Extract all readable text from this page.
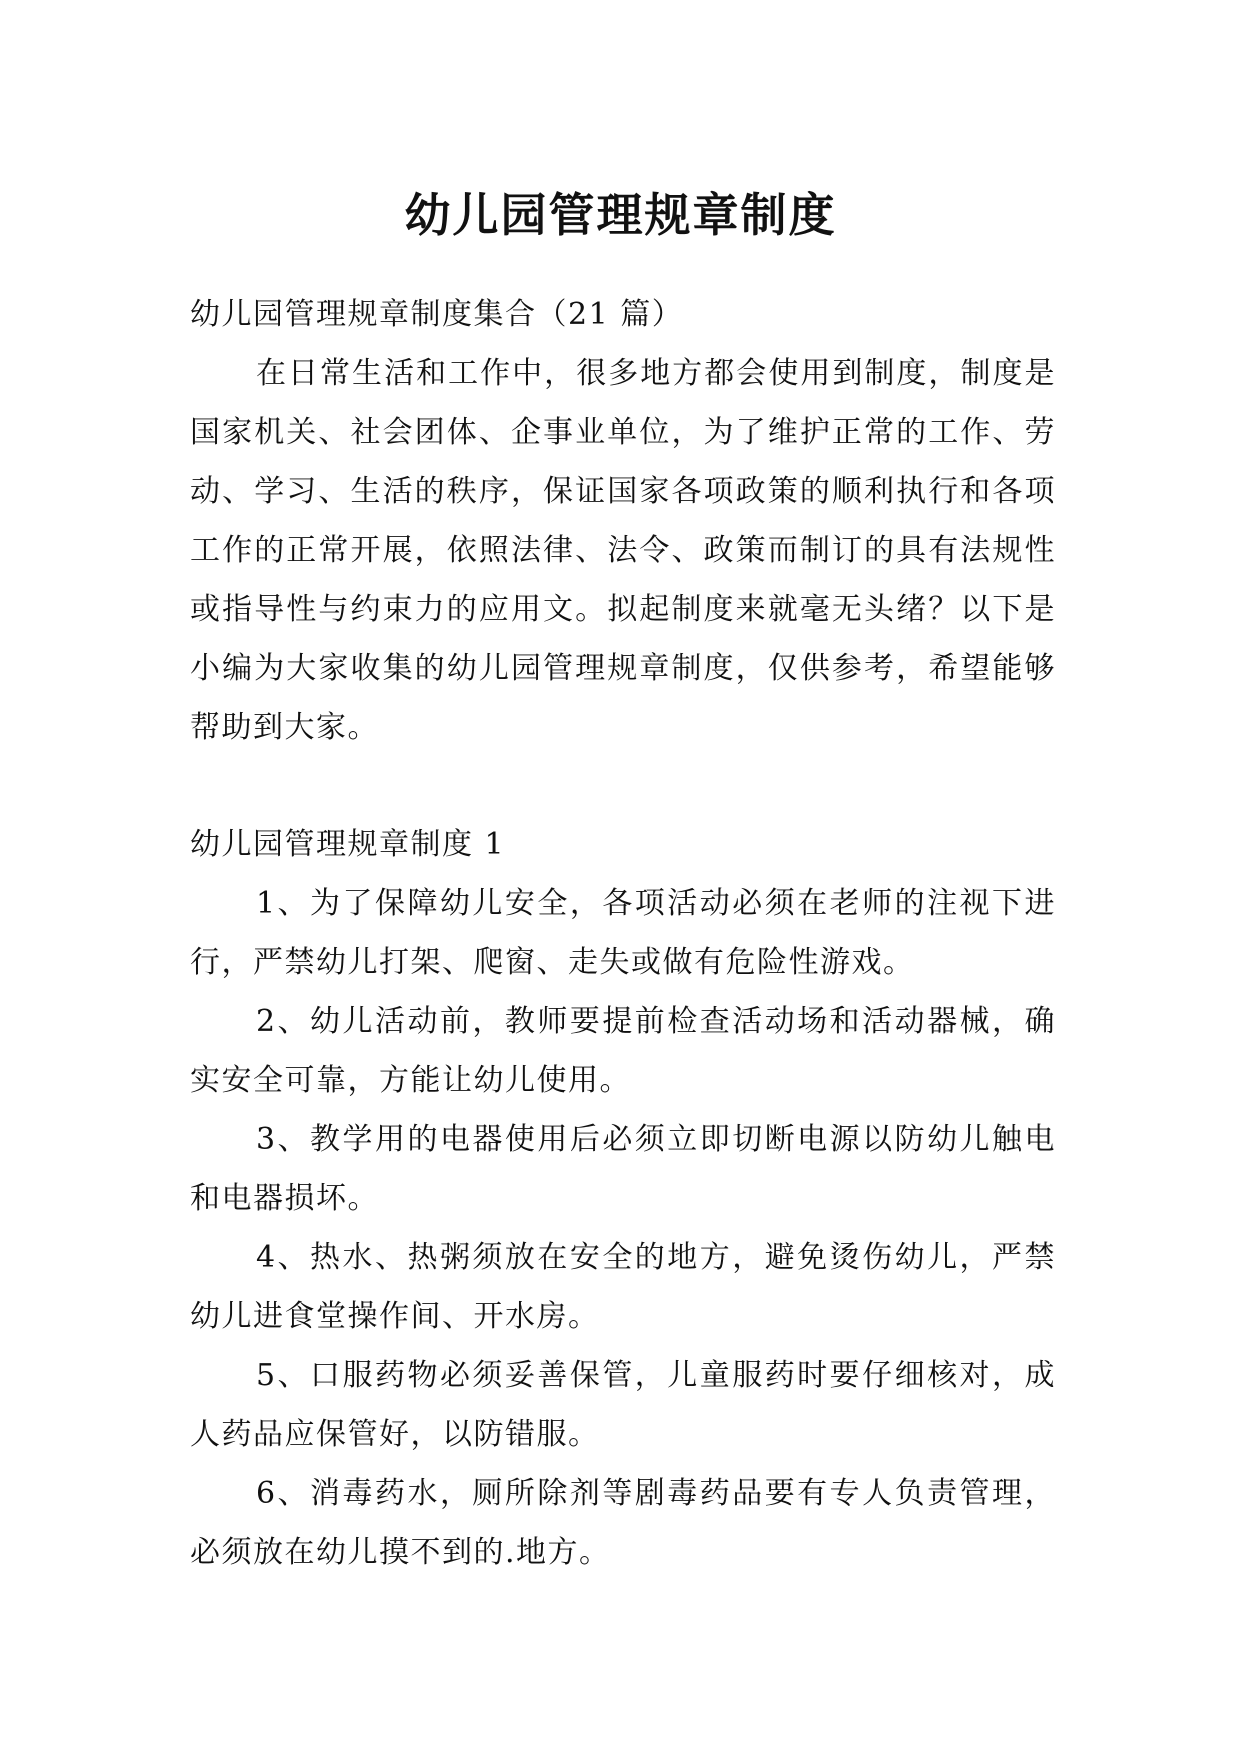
幼儿园管理规章制度

幼儿园管理规章制度集合（21 篇）

在日常生活和工作中，很多地方都会使用到制度，制度是国家机关、社会团体、企事业单位，为了维护正常的工作、劳动、学习、生活的秩序，保证国家各项政策的顺利执行和各项工作的正常开展，依照法律、法令、政策而制订的具有法规性或指导性与约束力的应用文。拟起制度来就毫无头绪？以下是小编为大家收集的幼儿园管理规章制度，仅供参考，希望能够帮助到大家。

幼儿园管理规章制度 1

1、为了保障幼儿安全，各项活动必须在老师的注视下进行，严禁幼儿打架、爬窗、走失或做有危险性游戏。

2、幼儿活动前，教师要提前检查活动场和活动器械，确实安全可靠，方能让幼儿使用。

3、教学用的电器使用后必须立即切断电源以防幼儿触电和电器损坏。

4、热水、热粥须放在安全的地方，避免烫伤幼儿，严禁幼儿进食堂操作间、开水房。

5、口服药物必须妥善保管，儿童服药时要仔细核对，成人药品应保管好，以防错服。

6、消毒药水，厕所除剂等剧毒药品要有专人负责管理，必须放在幼儿摸不到的.地方。
